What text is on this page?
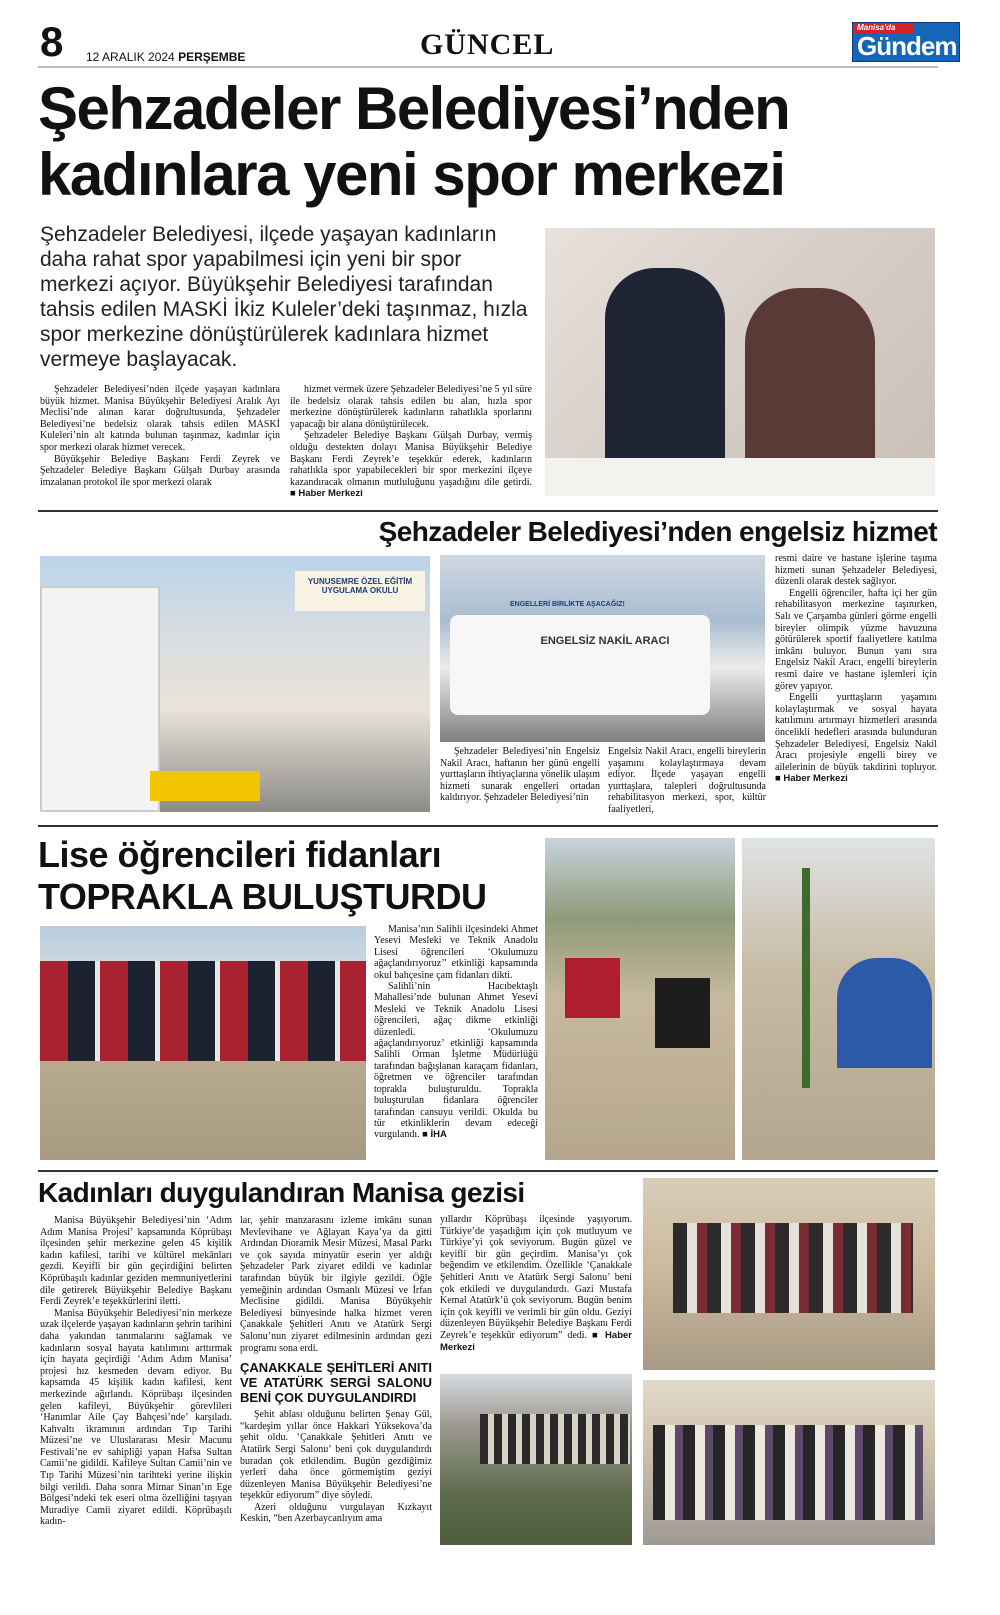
8 12 ARALIK 2024 PERŞEMBE	GÜNCEL
Manisa'da
Gündem
Şehzadeler Belediyesi’nden kadınlara yeni spor merkezi
Şehzadeler Belediyesi, ilçede yaşayan kadınların daha rahat spor yapabilmesi için yeni bir spor merkezi açıyor. Büyükşehir Belediyesi tarafından tahsis edilen MASKİ İkiz Kuleler’deki taşınmaz, hızla spor merkezine dönüştürülerek kadınlara hizmet vermeye başlayacak.

Şehzadeler Belediyesi’nden ilçede yaşayan kadınlara büyük hizmet. Manisa Büyükşehir Belediyesi Aralık Ayı Meclisi’nde alınan karar doğrultusunda, Şehzadeler Belediyesi’ne bedelsiz olarak tahsis edilen MASKİ Kuleleri’nin alt katında bulunan taşınmaz, kadınlar için spor merkezi olarak hizmet verecek.

Büyükşehir Belediye Başkanı Ferdi Zeyrek ve Şehzadeler Belediye Başkanı Gülşah Durbay arasında imzalanan protokol ile spor merkezi olarak

hizmet vermek üzere Şehzadeler Belediyesi’ne 5 yıl süre ile bedelsiz olarak tahsis edilen bu alan, hızla spor merkezine dönüştürülerek kadınların rahatlıkla sporlarını yapacağı bir alana dönüştürülecek.

Şehzadeler Belediye Başkanı Gülşah Durbay, vermiş olduğu destekten dolayı Manisa Büyükşehir Belediye Başkanı Ferdi Zeyrek’e teşekkür ederek, kadınların rahatlıkla spor yapabilecekleri bir spor merkezini ilçeye kazandıracak olmanın mutluluğunu yaşadığını dile getirdi. ■ Haber Merkezi

Şehzadeler Belediyesi’nden engelsiz hizmet
YUNUSEMRE ÖZEL EĞİTİM UYGULAMA OKULU
ENGELLERİ BİRLİKTE AŞACAĞIZ!
ENGELSİZ NAKİL ARACI

Şehzadeler Belediyesi’nin Engelsiz Nakil Aracı, haftanın her günü engelli yurttaşların ihtiyaçlarına yönelik ulaşım hizmeti sunarak engelleri ortadan kaldırıyor. Şehzadeler Belediyesi’nin

Engelsiz Nakil Aracı, engelli bireylerin yaşamını kolaylaştırmaya devam ediyor. İlçede yaşayan engelli yurttaşlara, talepleri doğrultusunda rehabilitasyon merkezi, spor, kültür faaliyetleri,

resmi daire ve hastane işlerine taşıma hizmeti sunan Şehzadeler Belediyesi, düzenli olarak destek sağlıyor.

Engelli öğrenciler, hafta içi her gün rehabilitasyon merkezine taşınırken, Salı ve Çarşamba günleri görme engelli bireyler olimpik yüzme havuzuna götürülerek sportif faaliyetlere katılma imkânı buluyor. Bunun yanı sıra Engelsiz Nakil Aracı, engelli bireylerin resmi daire ve hastane işlemleri için görev yapıyor.

Engelli yurttaşların yaşamını kolaylaştırmak ve sosyal hayata katılımını artırmayı hizmetleri arasında öncelikli hedefleri arasında bulunduran Şehzadeler Belediyesi, Engelsiz Nakil Aracı projesiyle engelli birey ve ailelerinin de büyük takdirini topluyor. ■ Haber Merkezi

Lise öğrencileri fidanları
TOPRAKLA BULUŞTURDU

Manisa’nın Salihli ilçesindeki Ahmet Yesevi Mesleki ve Teknik Anadolu Lisesi öğrencileri ‘Okulumuzu ağaçlandırıyoruz’’ etkinliği kapsamında okul bahçesine çam fidanları dikti.

Salihli’nin Hacıbektaşlı Mahallesi’nde bulunan Ahmet Yesevi Mesleki ve Teknik Anadolu Lisesi öğrencileri, ağaç dikme etkinliği düzenledi. ‘Okulumuzu ağaçlandırıyoruz’ etkinliği kapsamında Salihli Orman İşletme Müdürlüğü tarafından bağışlanan karaçam fidanları, öğretmen ve öğrenciler tarafından toprakla buluşturuldu. Toprakla buluşturulan fidanlara öğrenciler tarafından cansuyu verildi. Okulda bu tür etkinliklerin devam edeceği vurgulandı. ■ İHA

Kadınları duygulandıran Manisa gezisi

Manisa Büyükşehir Belediyesi’nin ‘Adım Adım Manisa Projesi’ kapsamında Köprübaşı ilçesinden şehir merkezine gelen 45 kişilik kadın kafilesi, tarihi ve kültürel mekânları gezdi. Keyifli bir gün geçirdiğini belirten Köprübaşılı kadınlar geziden memnuniyetlerini dile getirerek Büyükşehir Belediye Başkanı Ferdi Zeyrek’e teşekkürlerini iletti.

Manisa Büyükşehir Belediyesi’nin merkeze uzak ilçelerde yaşayan kadınların şehrin tarihini daha yakından tanımalarını sağlamak ve kadınların sosyal hayata katılımını arttırmak için hayata geçirdiği ‘Adım Adım Manisa’ projesi hız kesmeden devam ediyor. Bu kapsamda 45 kişilik kadın kafilesi, kent merkezinde ağırlandı. Köprübaşı ilçesinden gelen kafileyi, Büyükşehir görevlileri ‘Hanımlar Aile Çay Bahçesi’nde’ karşıladı. Kahvaltı ikramının ardından Tıp Tarihi Müzesi’ne ve Uluslararası Mesir Macunu Festivali’ne ev sahipliği yapan Hafsa Sultan Camii’ne gidildi. Kafileye Sultan Camii’nin ve Tıp Tarihi Müzesi’nin tarihteki yerine ilişkin bilgi verildi. Daha sonra Mimar Sinan’ın Ege Bölgesi’ndeki tek eseri olma özelliğini taşıyan Muradiye Camii ziyaret edildi. Köprübaşılı kadın-

lar, şehir manzarasını izleme imkânı sunan Mevlevihane ve Ağlayan Kaya’ya da gitti Ardından Dioramik Mesir Müzesi, Masal Parkı ve çok sayıda minyatür eserin yer aldığı Şehzadeler Park ziyaret edildi ve kadınlar tarafından büyük bir ilgiyle gezildi. Öğle yemeğinin ardından Osmanlı Müzesi ve İrfan Meclisine gidildi. Manisa Büyükşehir Belediyesi bünyesinde halka hizmet veren Çanakkale Şehitleri Anıtı ve Atatürk Sergi Salonu’nun ziyaret edilmesinin ardından gezi programı sona erdi.

ÇANAKKALE ŞEHİTLERİ ANITI VE ATATÜRK SERGİ SALONU BENİ ÇOK DUYGULANDIRDI

Şehit ablası olduğunu belirten Şenay Gül, “kardeşim yıllar önce Hakkari Yüksekova’da şehit oldu. ‘Çanakkale Şehitleri Anıtı ve Atatürk Sergi Salonu’ beni çok duygulandırdı buradan çok etkilendim. Bugün gezdiğimiz yerleri daha önce görmemiştim geziyi düzenleyen Manisa Büyükşehir Belediyesi’ne teşekkür ediyorum” diye söyledi.

Azeri olduğunu vurgulayan Kızkayıt Keskin, “ben Azerbaycanlıyım ama

yıllardır Köprübaşı ilçesinde yaşıyorum. Türkiye’de yaşadığım için çok mutluyum ve Türkiye’yi çok seviyorum. Bugün güzel ve keyifli bir gün geçirdim. Manisa’yı çok beğendim ve etkilendim. Özellikle ‘Çanakkale Şehitleri Anıtı ve Atatürk Sergi Salonu’ beni çok etkiledi ve duygulandırdı. Gazi Mustafa Kemal Atatürk’ü çok seviyorum. Bugün benim için çok keyifli ve verimli bir gün oldu. Geziyi düzenleyen Büyükşehir Belediye Başkanı Ferdi Zeyrek’e teşekkür ediyorum” dedi. ■ Haber Merkezi
